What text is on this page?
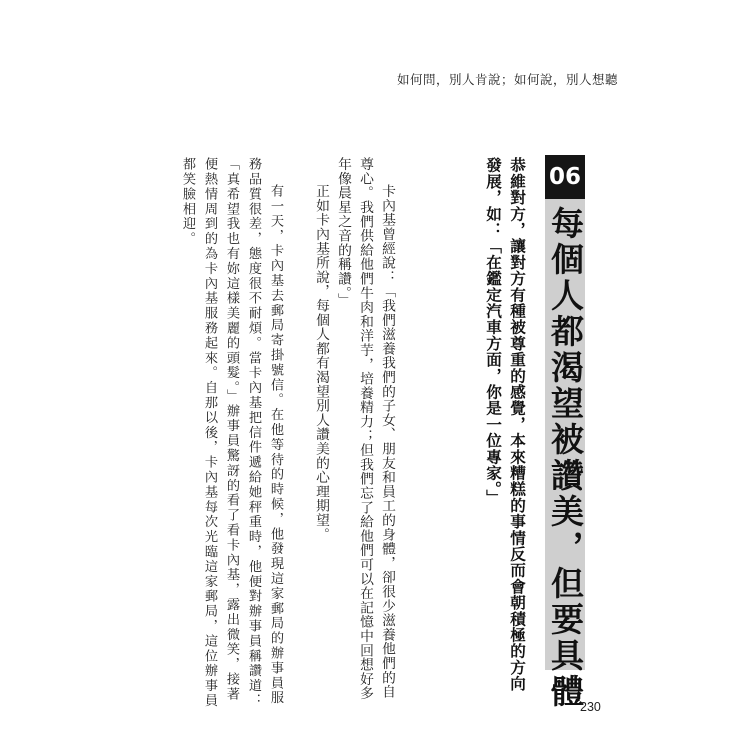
如何問，別人肯說；如何說，別人想聽
06
每個人都渴望被讚美，但要具體
恭維對方，讓對方有種被尊重的感覺，本來糟糕的事情反而會朝積極的方向
發展，如：「在鑑定汽車方面，你是一位專家。」
卡內基曾經說：「我們滋養我們的子女、朋友和員工的身體，卻很少滋養他們的自
尊心。我們供給他們牛肉和洋芋，培養精力；但我們忘了給他們可以在記憶中回想好多
年像晨星之音的稱讚。」
正如卡內基所說，每個人都有渴望別人讚美的心理期望。
有一天，卡內基去郵局寄掛號信。在他等待的時候，他發現這家郵局的辦事員服
務品質很差，態度很不耐煩。當卡內基把信件遞給她秤重時，他便對辦事員稱讚道：
「真希望我也有妳這樣美麗的頭髮。」辦事員驚訝的看了看卡內基，露出微笑，接著
便熱情周到的為卡內基服務起來。自那以後，卡內基每次光臨這家郵局，這位辦事員
都笑臉相迎。
230
